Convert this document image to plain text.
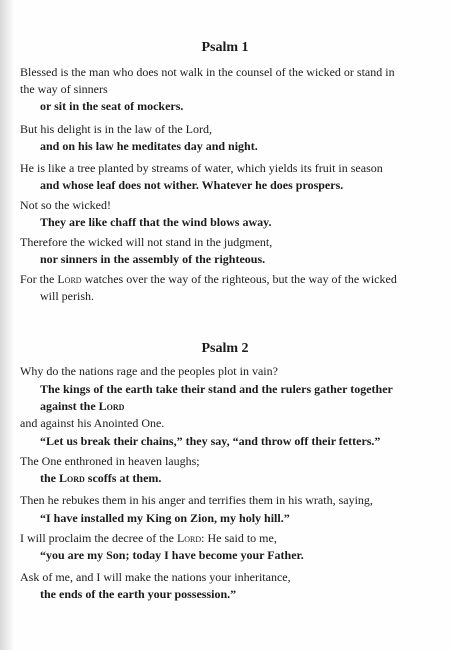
Psalm 1
Blessed is the man who does not walk in the counsel of the wicked or stand in
the way of sinners
or sit in the seat of mockers.
But his delight is in the law of the Lord,
and on his law he meditates day and night.
He is like a tree planted by streams of water, which yields its fruit in season
and whose leaf does not wither. Whatever he does prospers.
Not so the wicked!
They are like chaff that the wind blows away.
Therefore the wicked will not stand in the judgment,
nor sinners in the assembly of the righteous.
For the Lord watches over the way of the righteous, but the way of the wicked
will perish.
Psalm 2
Why do the nations rage and the peoples plot in vain?
The kings of the earth take their stand and the rulers gather together
against the Lord
and against his Anointed One.
“Let us break their chains,” they say, “and throw off their fetters.”
The One enthroned in heaven laughs;
the Lord scoffs at them.
Then he rebukes them in his anger and terrifies them in his wrath, saying,
“I have installed my King on Zion, my holy hill.”
I will proclaim the decree of the Lord: He said to me,
“you are my Son; today I have become your Father.
Ask of me, and I will make the nations your inheritance,
the ends of the earth your possession.”
